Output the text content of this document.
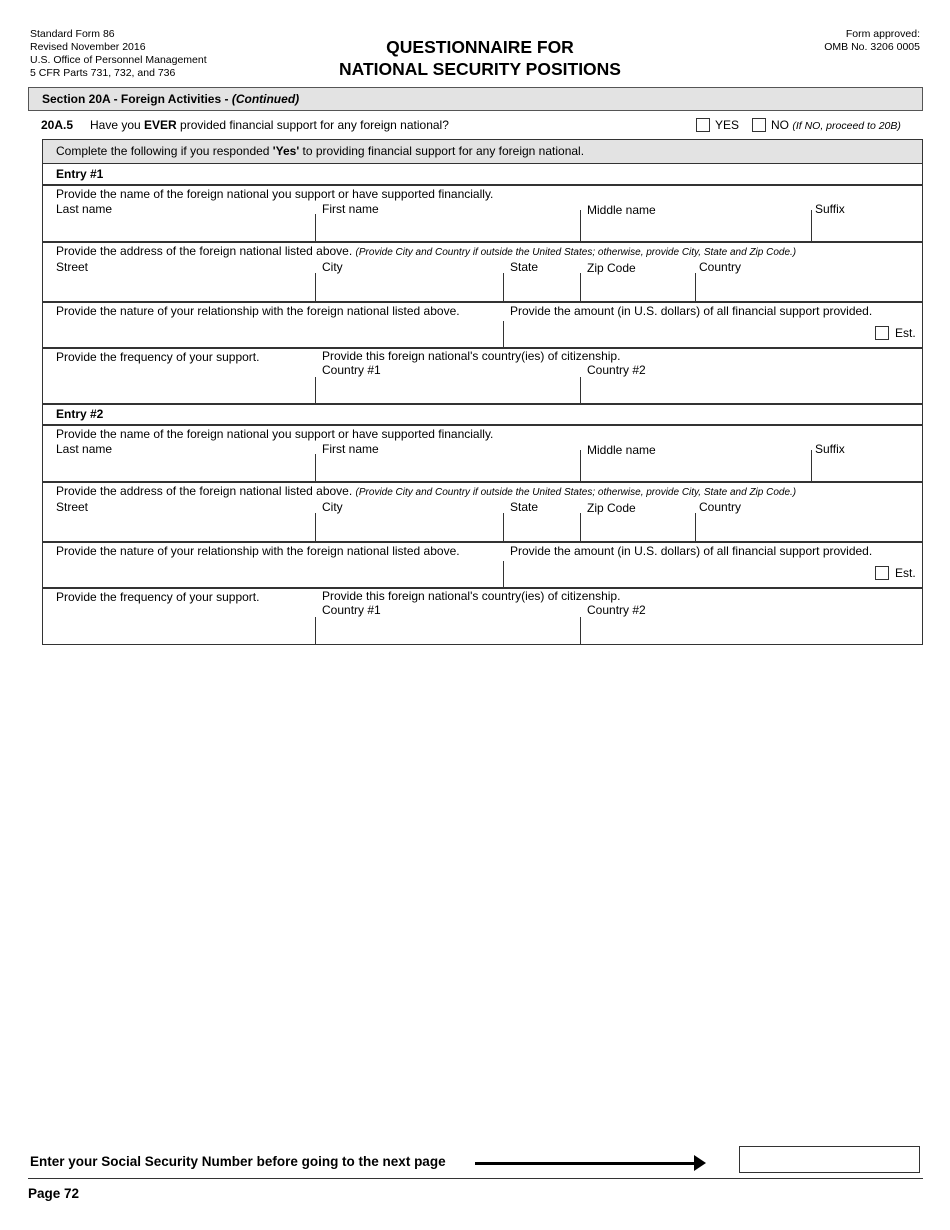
Standard Form 86
Revised November 2016
U.S. Office of Personnel Management
5 CFR Parts 731, 732, and 736
QUESTIONNAIRE FOR
NATIONAL SECURITY POSITIONS
Form approved:
OMB No. 3206 0005
Section 20A - Foreign Activities - (Continued)
20A.5 Have you EVER provided financial support for any foreign national?	YES	NO (If NO, proceed to 20B)
Complete the following if you responded 'Yes' to providing financial support for any foreign national.
Entry #1
Provide the name of the foreign national you support or have supported financially.
Last name	First name	Middle name	Suffix
Provide the address of the foreign national listed above. (Provide City and Country if outside the United States; otherwise, provide City, State and Zip Code.)
Street	City	State	Zip Code	Country
Provide the nature of your relationship with the foreign national listed above.	Provide the amount (in U.S. dollars) of all financial support provided.
Est.
Provide the frequency of your support.	Provide this foreign national's country(ies) of citizenship.
Country #1	Country #2
Entry #2
Provide the name of the foreign national you support or have supported financially.
Last name	First name	Middle name	Suffix
Provide the address of the foreign national listed above. (Provide City and Country if outside the United States; otherwise, provide City, State and Zip Code.)
Street	City	State	Zip Code	Country
Provide the nature of your relationship with the foreign national listed above.	Provide the amount (in U.S. dollars) of all financial support provided.
Est.
Provide the frequency of your support.	Provide this foreign national's country(ies) of citizenship.
Country #1	Country #2
Enter your Social Security Number before going to the next page
Page 72
